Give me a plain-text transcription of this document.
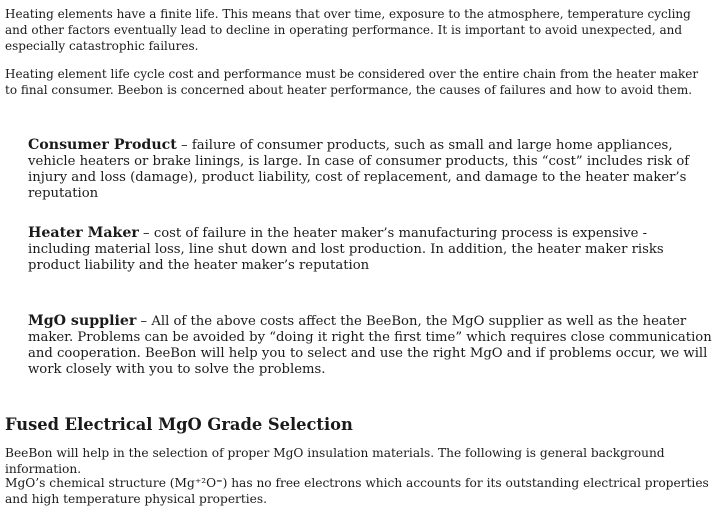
Heating elements have a finite life. This means that over time, exposure to the atmosphere, temperature cycling and other factors eventually lead to decline in operating performance. It is important to avoid unexpected, and especially catastrophic failures.

Heating element life cycle cost and performance must be considered over the entire chain from the heater maker to final consumer. Beebon is concerned about heater performance, the causes of failures and how to avoid them.

Consumer Product – failure of consumer products, such as small and large home appliances, vehicle heaters or brake linings, is large. In case of consumer products, this “cost” includes risk of injury and loss (damage), product liability, cost of replacement, and damage to the heater maker’s reputation

Heater Maker – cost of failure in the heater maker’s manufacturing process is expensive - including material loss, line shut down and lost production. In addition, the heater maker risks product liability and the heater maker’s reputation

MgO supplier – All of the above costs affect the BeeBon, the MgO supplier as well as the heater maker. Problems can be avoided by “doing it right the first time” which requires close communication and cooperation. BeeBon will help you to select and use the right MgO and if problems occur, we will work closely with you to solve the problems.

Fused Electrical MgO Grade Selection

BeeBon will help in the selection of proper MgO insulation materials. The following is general background information.

MgO’s chemical structure (Mg⁺²O⁼) has no free electrons which accounts for its outstanding electrical properties and high temperature physical properties.
